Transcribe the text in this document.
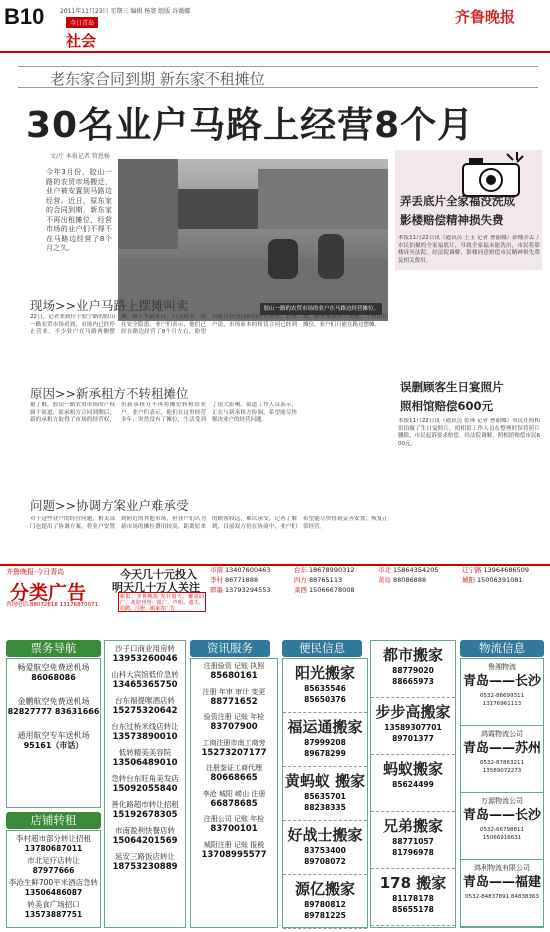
B10	2011年11月23日 星期三 编辑 杨寰 组版 谷薇娜
今日青岛
社会
齐鲁晚报
老东家合同到期 新东家不租摊位
30名业户马路上经营8个月
文/片 本报记者 管恩杨
今年3月份，胶山一路的农贸市场搬迁，业户被安置到马路边经营。近日，原东家的合同到期，新东家不再出租摊位，经营市场的业户们不得不在马路边经营了8个月之久。
胶山一路的农贸市场的业户在马路边经营摊位。
弄丢底片全家福没洗成
影楼赔偿精神损失费
本报11月22日讯（通讯员 王玉 记者 曹丽娜）影楼弄丢了市民拍摄的全家福底片，导致全家福未能洗出，市民将影楼诉至法院。经法院调解，影楼同意赔偿市民精神损失费及相关费用。
误删顾客生日宴照片
照相馆赔偿600元
本报11月22日讯（通讯员 张瑾 记者 曹丽娜）市民在照相馆拍摄了生日宴照片，照相馆工作人员在整理时误将照片删除，市民起诉要求赔偿。经法院调解，照相馆赔偿市民600元。
现场>>业户马路上摆摊叫卖
22日，记者来到位于胶宁路的胶山一路农贸市场看到，市场内已经停止营业，不少业户在马路两侧摆摊，路上车辆来往，行人较多，存在安全隐患。业户们表示，他们已经在路边经营了8个月左右，盼望着能尽快找到新的经营场所。有业户说，市场原本的租赁合同已经到期，新东家收回了场地，不再出租摊位，业户们只能在路边摆摊。
原因>>新承租方不转租摊位
据了解，胶山一路农贸市场的产权属于街道，原承租方合同到期后，新的承租方取得了市场的经营权，但新承租方不再将摊位转租给业户。业户们表示，他们在这里经营多年，突然没有了摊位，生活受到了很大影响。街道工作人员表示，正在与新承租方协调，希望能尽快解决业户的经营问题。
问题>>协调方案业户难承受
对于这些业户的经营问题，相关部门也提出了协调方案，将业户安置到附近的其他市场，但业户们认为新市场的摊位费用较高，距离原来的顾客较远，难以承受。记者了解到，目前双方仍在协商中，业户们希望能尽快得到妥善安置，恢复正常经营。
齐鲁晚报·今日青岛
分类广告
咨询电话:88072818 13176870071
今天几十元投入
明天几十万人关注
新报、齐鲁晚报 发行量大，覆盖面广，欢迎刊登：报广、声明、遗失、招聘、注册、搬家等广告
市南 13407600463	台东 18678990312	市北 15864354205	辽宁路 13964686509
李村 86771888	四方 88765113	黄岛 88086888	城阳 15006391081
即墨 13793294553	莱西 15066678008
票务导航	资讯服务	便民信息	物流信息
畅爱航空免费送机场
86068086
金鹏航空免费送机场
82827777 83631666
通用航空专车送机场
95161（市话）
店铺转租
李村超市部分转让招租
13780687011
市北足疗店转让
87977666
李沧生鲜700平米酒店急转
13506486087
转美食广场招口
13573887751
沙子口商业用房转
13953260046
山科大宾馆低价急转
13465365750
台东福提喉酒店转
15275320642
台东过桥米线店转让
13573890010
低转精美美容院
13506489010
急转台东旺角美发店
15092055840
善化路超市转让招租
15192678305
市南盈利快餐店转
15064201569
延安三路饭店转让
18753230889
注册验资 记账 执照
85680161
注册 年审 审计 变更
88771652
验资注册 记账 年检
83707900
工商注册市南工商旁
15273207177
注册鉴证工商代理
80668665
李沧 城阳 崂山 注册
66878685
注册公司 记账 年检
83700101
城阳注册 记账 报税
13708995577
阳光搬家
85635546 85650376
福运通搬家
87999208 89678299
黄蚂蚁 搬家
85635701 88238335
好战士搬家
83753400 89708072
源亿搬家
89780812 89781225
都市搬家
88779020 88665973
步步高搬家
13589307701 89701377
蚂蚁搬家
85624499
兄弟搬家
88771057 81796978
178 搬家
81178178 85655178
鲁湘物流
青岛——长沙
0532-86699311 13176961113
鸿霞物流公司
青岛——苏州
0532-87863211 13589072273
万源物流公司
青岛——长沙
0532-66798811 15066916631
鸿利物流有限公司
青岛——福建
0532-84837891 84838363
